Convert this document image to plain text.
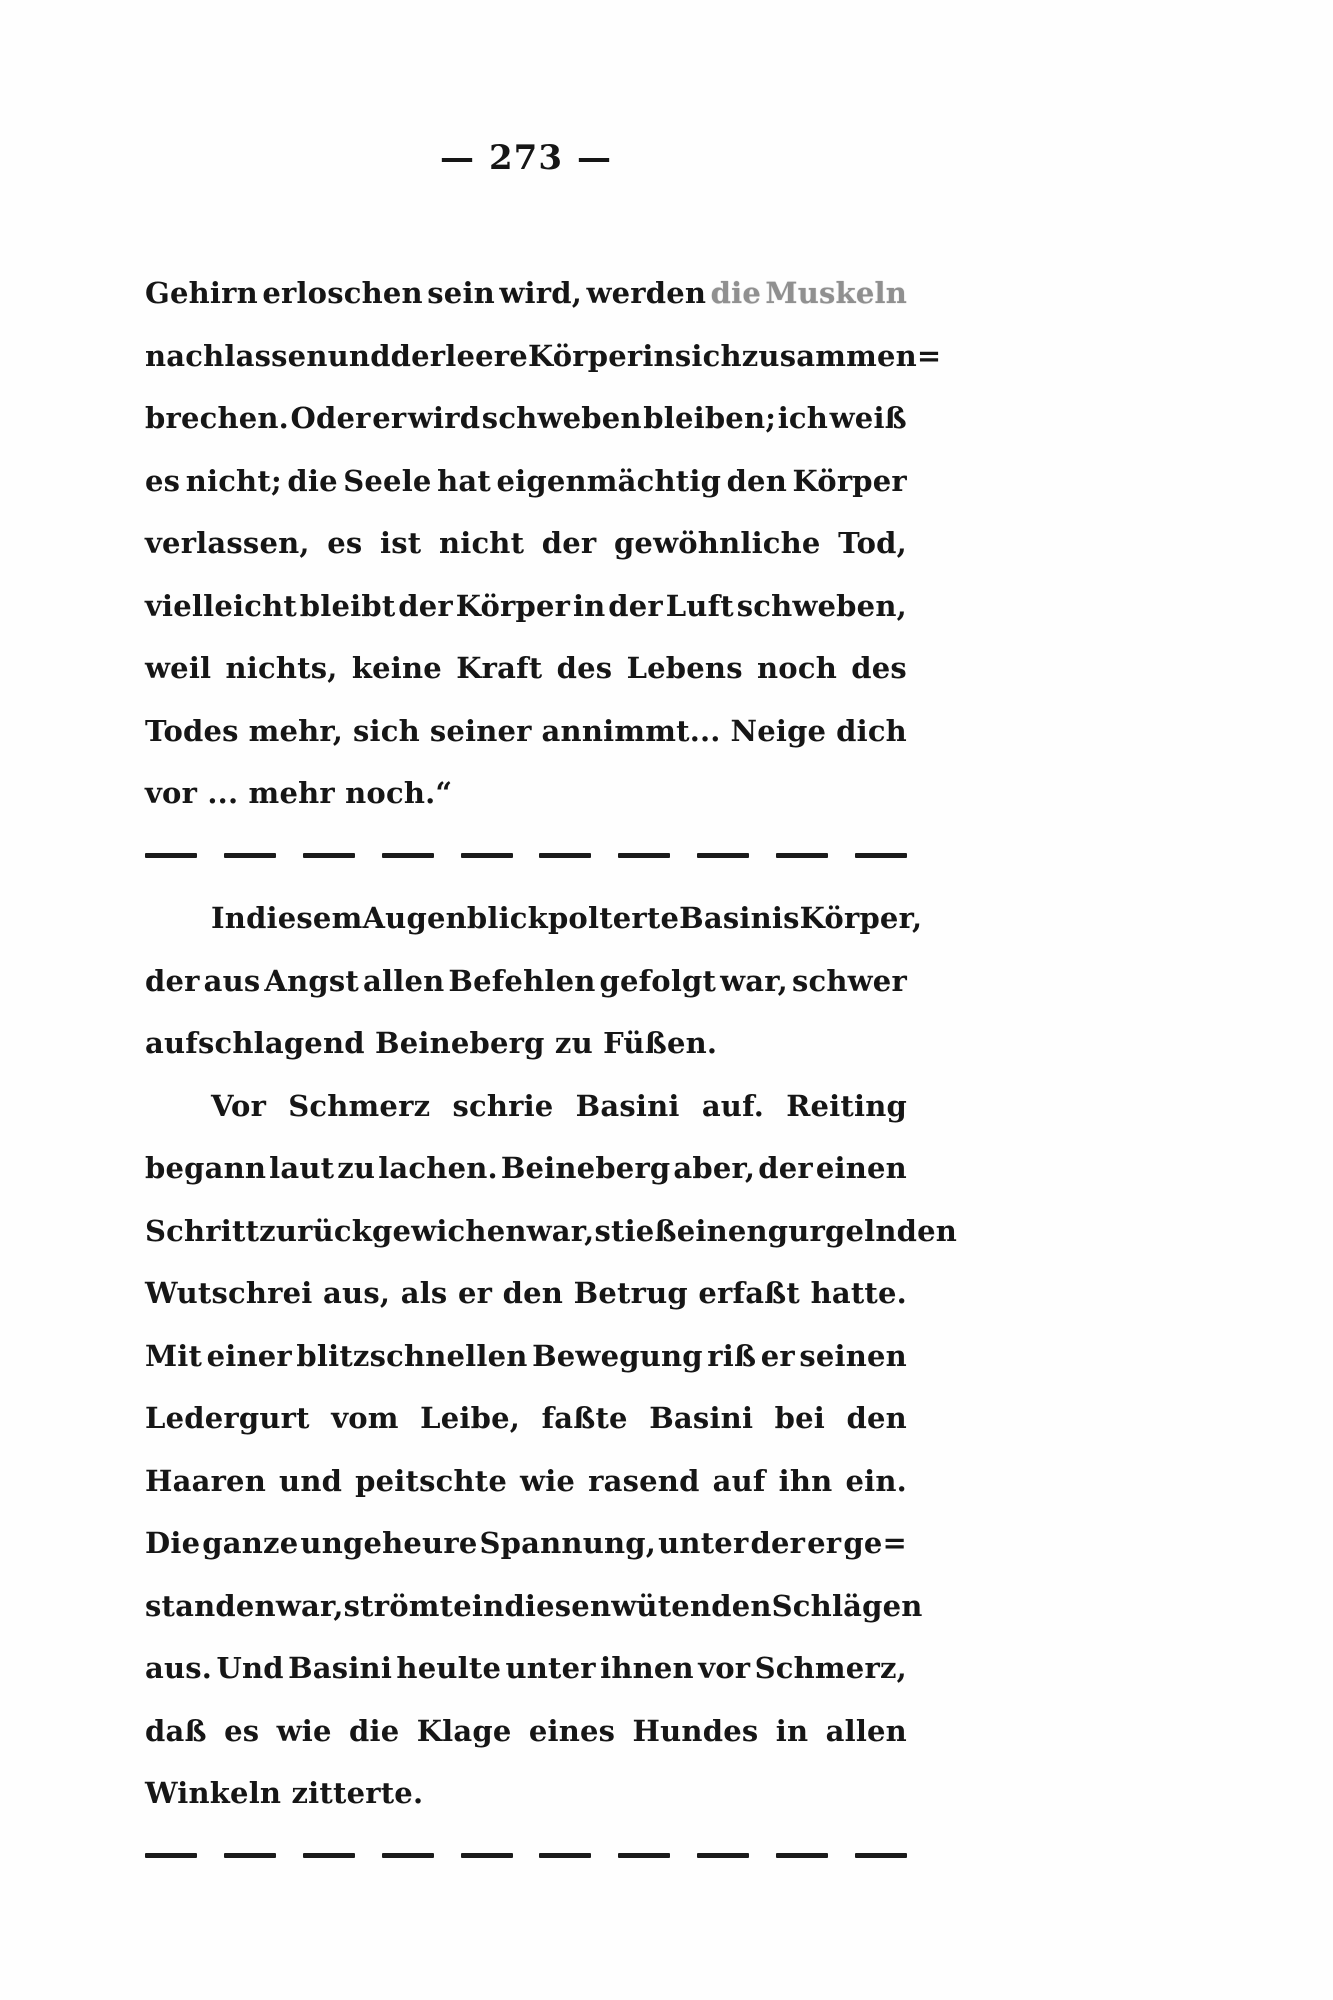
— 273 —
Gehirn erloschen sein wird, werden die Muskeln
nachlassen und der leere Körper in sich zusammen=
brechen. Oder er wird schweben bleiben; ich weiß
es nicht; die Seele hat eigenmächtig den Körper
verlassen, es ist nicht der gewöhnliche Tod,
vielleicht bleibt der Körper in der Luft schweben,
weil nichts, keine Kraft des Lebens noch des
Todes mehr, sich seiner annimmt... Neige dich
vor ... mehr noch.“
In diesem Augenblick polterte Basinis Körper,
der aus Angst allen Befehlen gefolgt war, schwer
aufschlagend Beineberg zu Füßen.
Vor Schmerz schrie Basini auf. Reiting
begann laut zu lachen. Beineberg aber, der einen
Schritt zurückgewichen war, stieß einen gurgelnden
Wutschrei aus, als er den Betrug erfaßt hatte.
Mit einer blitzschnellen Bewegung riß er seinen
Ledergurt vom Leibe, faßte Basini bei den
Haaren und peitschte wie rasend auf ihn ein.
Die ganze ungeheure Spannung, unter der er ge=
standen war, strömte in diesen wütenden Schlägen
aus. Und Basini heulte unter ihnen vor Schmerz,
daß es wie die Klage eines Hundes in allen
Winkeln zitterte.
